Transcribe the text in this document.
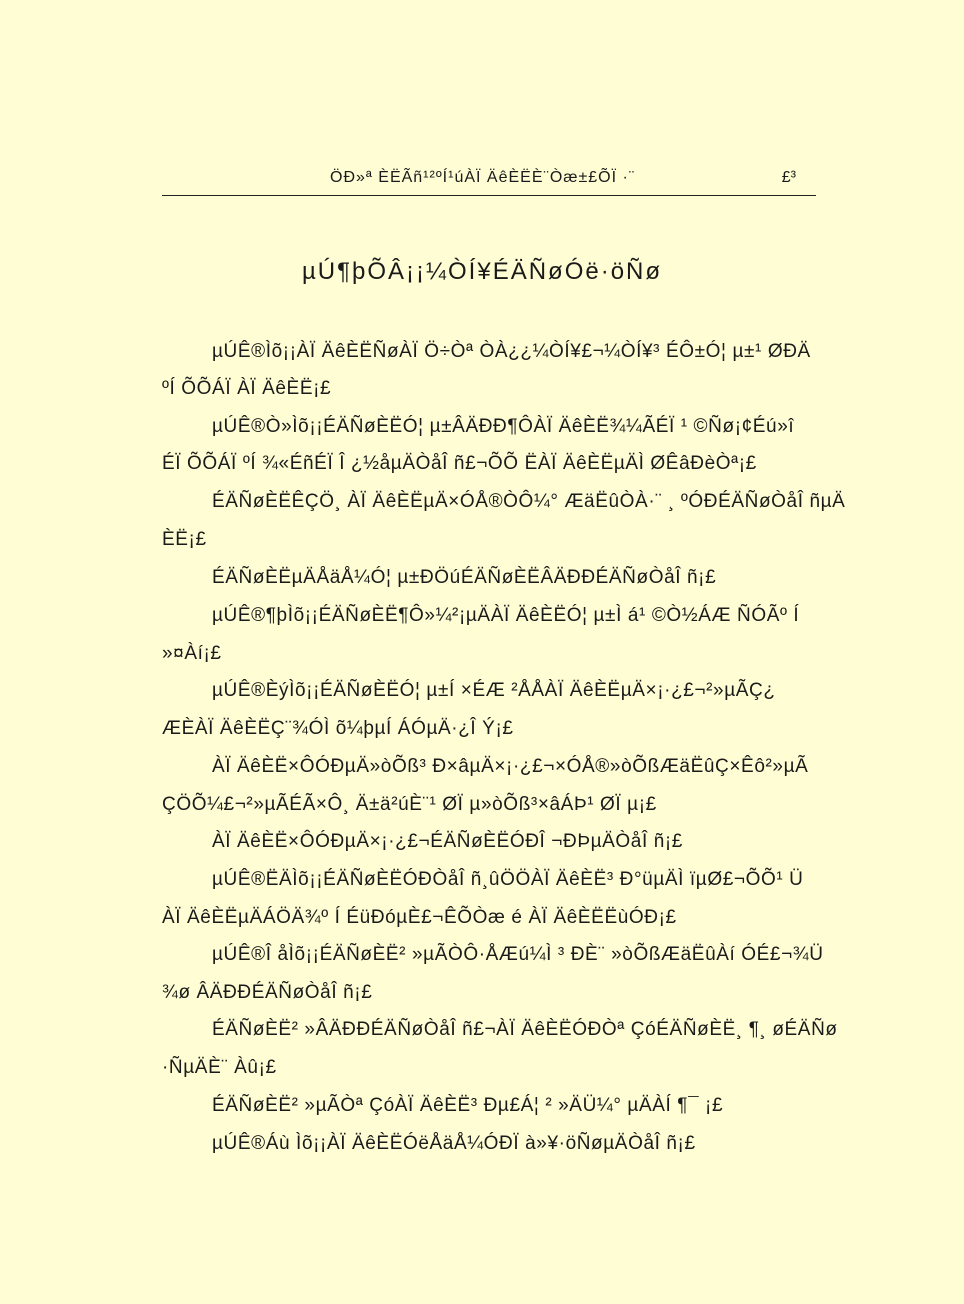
ÖÐ»ª ÈËÃñ¹²ºÍ¹úÀÏ ÄêÈËÈ¨Òæ±£ÕÏ ·¨	£³
µÚ¶þÕÂ¡¡¼ÒÍ¥ÉÄÑøÓë·öÑø
µÚÊ®Ìõ¡¡ÀÏ ÄêÈËÑøÀÏ Ö÷Òª ÒÀ¿¿¼ÒÍ¥£¬¼ÒÍ¥³ ÉÔ±Ó¦ µ±¹ ØÐÄ
ºÍ ÕÕÁÏ ÀÏ ÄêÈË¡£
µÚÊ®Ò»Ìõ¡¡ÉÄÑøÈËÓ¦ µ±ÂÄÐÐ¶ÔÀÏ ÄêÈË¾¼ÃÉÏ ¹ ©Ñø¡¢Éú»î
ÉÏ ÕÕÁÏ ºÍ ¾«ÉñÉÏ Î ¿½åµÄÒåÎ ñ£¬ÕÕ ËÀÏ ÄêÈËµÄÌ ØÊâÐèÒª¡£
ÉÄÑøÈËÊÇÖ¸ ÀÏ ÄêÈËµÄ×ÓÅ®ÒÔ¼° ÆäËûÒÀ·¨ ¸ ºÓÐÉÄÑøÒåÎ ñµÄ
ÈË¡£
ÉÄÑøÈËµÄÅäÅ¼Ó¦ µ±ÐÖúÉÄÑøÈËÂÄÐÐÉÄÑøÒåÎ ñ¡£
µÚÊ®¶þÌõ¡¡ÉÄÑøÈË¶Ô»¼²¡µÄÀÏ ÄêÈËÓ¦ µ±Ì á¹ ©Ò½ÁÆ ÑÓÃº Í
»¤Àí¡£
µÚÊ®ÈýÌõ¡¡ÉÄÑøÈËÓ¦ µ±Í ×ÉÆ ²ÅÅÀÏ ÄêÈËµÄ×¡·¿£¬²»µÃÇ¿
ÆÈÀÏ ÄêÈËÇ¨¾ÓÌ õ¼þµÍ ÁÓµÄ·¿Î Ý¡£
ÀÏ ÄêÈË×ÔÓÐµÄ»òÕß³ Ð×âµÄ×¡·¿£¬×ÓÅ®»òÕßÆäËûÇ×Êô²»µÃ
ÇÖÕ¼£¬²»µÃÉÃ×Ô¸ Ä±ä²úÈ¨¹ ØÏ µ»òÕß³×âÁÞ¹ ØÏ µ¡£
ÀÏ ÄêÈË×ÔÓÐµÄ×¡·¿£¬ÉÄÑøÈËÓÐÎ ¬ÐÞµÄÒåÎ ñ¡£
µÚÊ®ËÄÌõ¡¡ÉÄÑøÈËÓÐÒåÎ ñ¸ûÖÖÀÏ ÄêÈË³ Ð°üµÄÌ ïµØ£¬ÕÕ¹ Ü
ÀÏ ÄêÈËµÄÁÖÄ¾º Í ÉüÐóµÈ£¬ÊÕÒæ é ÀÏ ÄêÈËËùÓÐ¡£
µÚÊ®Î åÌõ¡¡ÉÄÑøÈË² »µÃÒÔ·ÅÆú¼Ì ³ ÐÈ¨ »òÕßÆäËûÀí ÓÉ£¬¾Ü
¾ø ÂÄÐÐÉÄÑøÒåÎ ñ¡£
ÉÄÑøÈË² »ÂÄÐÐÉÄÑøÒåÎ ñ£¬ÀÏ ÄêÈËÓÐÒª ÇóÉÄÑøÈË¸ ¶¸ øÉÄÑø
·ÑµÄÈ¨ Àû¡£
ÉÄÑøÈË² »µÃÒª ÇóÀÏ ÄêÈË³ Ðµ£Á¦ ² »ÄÜ¼° µÄÀÍ ¶¯ ¡£
µÚÊ®Áù Ìõ¡¡ÀÏ ÄêÈËÓëÅäÅ¼ÓÐÏ à»¥·öÑøµÄÒåÎ ñ¡£
